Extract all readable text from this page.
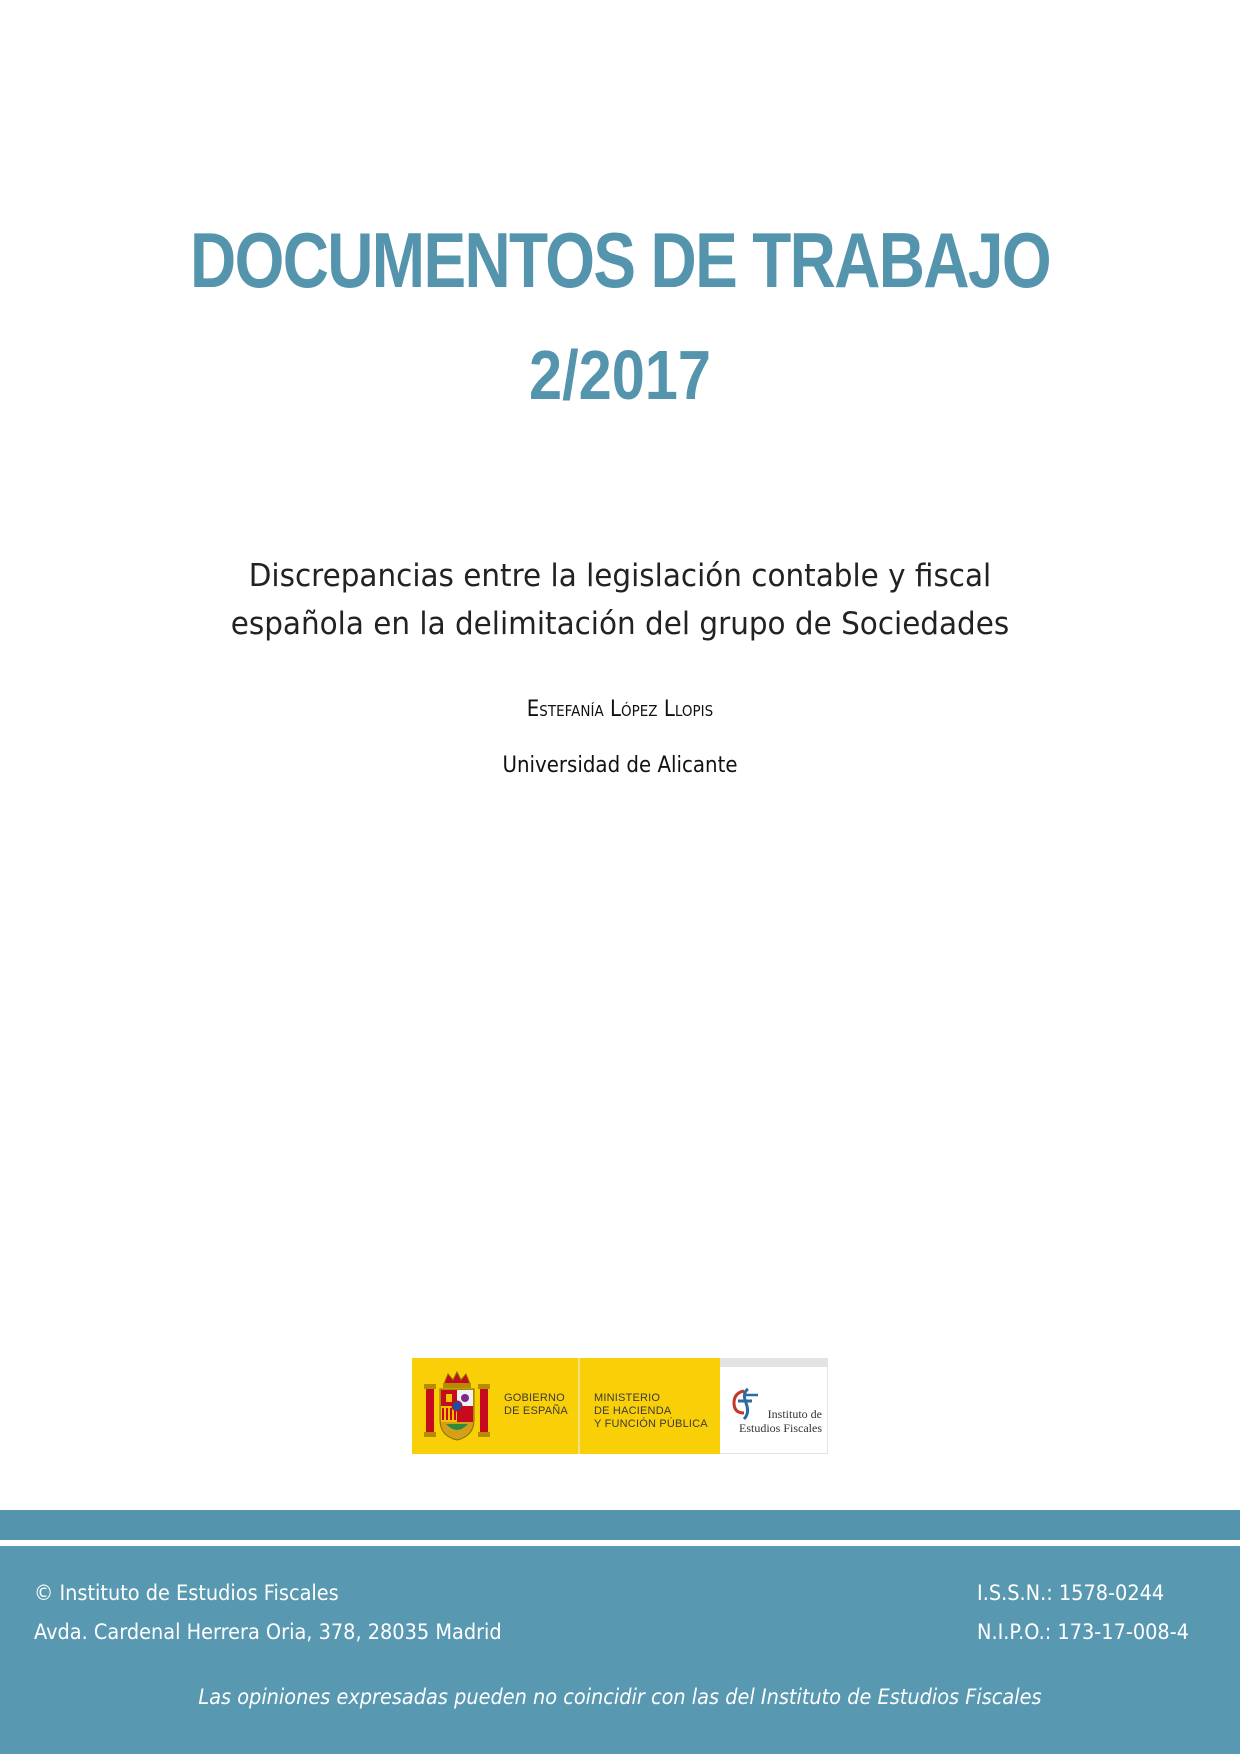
DOCUMENTOS DE TRABAJO
2/2017
Discrepancias entre la legislación contable y fiscal
española en la delimitación del grupo de Sociedades
Estefanía López Llopis
Universidad de Alicante
GOBIERNO
DE ESPAÑA
MINISTERIO
DE HACIENDA
Y FUNCIÓN PÚBLICA
Instituto de
Estudios Fiscales
© Instituto de Estudios Fiscales
Avda. Cardenal Herrera Oria, 378, 28035 Madrid
I.S.S.N.: 1578-0244
N.I.P.O.: 173-17-008-4
Las opiniones expresadas pueden no coincidir con las del Instituto de Estudios Fiscales
